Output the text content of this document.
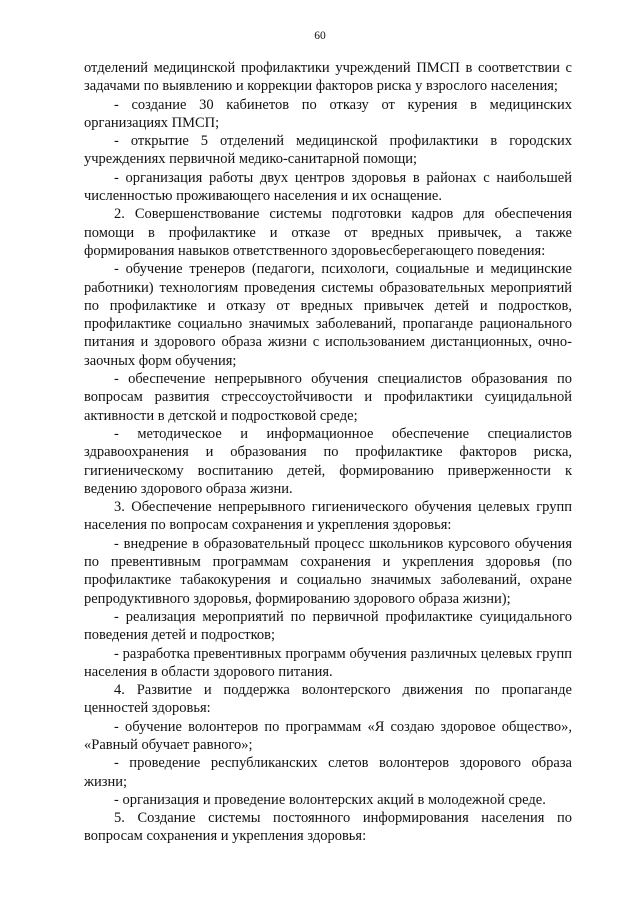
60

отделений медицинской профилактики учреждений ПМСП в соответствии с задачами по выявлению и коррекции факторов риска у взрослого населения;

- создание 30 кабинетов по отказу от курения в медицинских организациях ПМСП;

- открытие 5 отделений медицинской профилактики в городских учреждениях первичной медико-санитарной помощи;

- организация работы двух центров здоровья в районах с наибольшей численностью проживающего населения и их оснащение.

2. Совершенствование системы подготовки кадров для обеспечения помощи в профилактике и отказе от вредных привычек, а также формирования навыков ответственного здоровьесберегающего поведения:

- обучение тренеров (педагоги, психологи, социальные и медицинские работники) технологиям проведения системы образовательных мероприятий по профилактике и отказу от вредных привычек детей и подростков, профилактике социально значимых заболеваний, пропаганде рационального питания и здорового образа жизни с использованием дистанционных, очно-заочных форм обучения;

- обеспечение непрерывного обучения специалистов образования по вопросам развития стрессоустойчивости и профилактики суицидальной активности в детской и подростковой среде;

- методическое и информационное обеспечение специалистов здравоохранения и образования по профилактике факторов риска, гигиеническому воспитанию детей, формированию приверженности к ведению здорового образа жизни.

3. Обеспечение непрерывного гигиенического обучения целевых групп населения по вопросам сохранения и укрепления здоровья:

- внедрение в образовательный процесс школьников курсового обучения по превентивным программам сохранения и укрепления здоровья (по профилактике табакокурения и социально значимых заболеваний, охране репродуктивного здоровья, формированию здорового образа жизни);

- реализация мероприятий по первичной профилактике суицидального поведения детей и подростков;

- разработка превентивных программ обучения различных целевых групп населения в области здорового питания.

4. Развитие и поддержка волонтерского движения по пропаганде ценностей здоровья:

- обучение волонтеров по программам «Я создаю здоровое общество», «Равный обучает равного»;

- проведение республиканских слетов волонтеров здорового образа жизни;

- организация и проведение волонтерских акций в молодежной среде.

5. Создание системы постоянного информирования населения по вопросам сохранения и укрепления здоровья:
